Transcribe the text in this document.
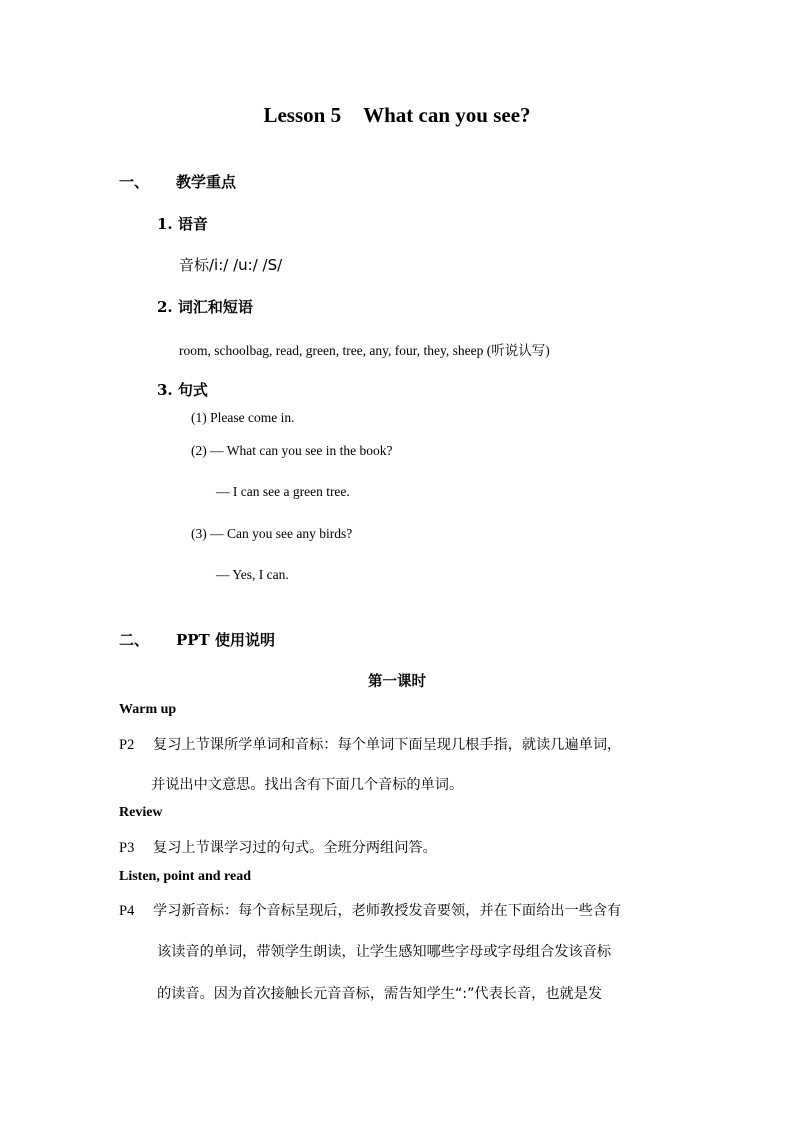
Lesson 5 What can you see?
一、 教学重点
1. 语音
音标/i:/ /u:/ /S/
2. 词汇和短语
room, schoolbag, read, green, tree, any, four, they, sheep (听说认写)
3. 句式
(1) Please come in.
(2) — What can you see in the book?
— I can see a green tree.
(3) — Can you see any birds?
— Yes, I can.
二、 PPT 使用说明
第一课时
Warm up
P2 复习上节课所学单词和音标：每个单词下面呈现几根手指，就读几遍单词，
并说出中文意思。找出含有下面几个音标的单词。
Review
P3 复习上节课学习过的句式。全班分两组问答。
Listen, point and read
P4 学习新音标：每个音标呈现后，老师教授发音要领，并在下面给出一些含有
该读音的单词，带领学生朗读，让学生感知哪些字母或字母组合发该音标
的读音。因为首次接触长元音音标，需告知学生“:”代表长音，也就是发
